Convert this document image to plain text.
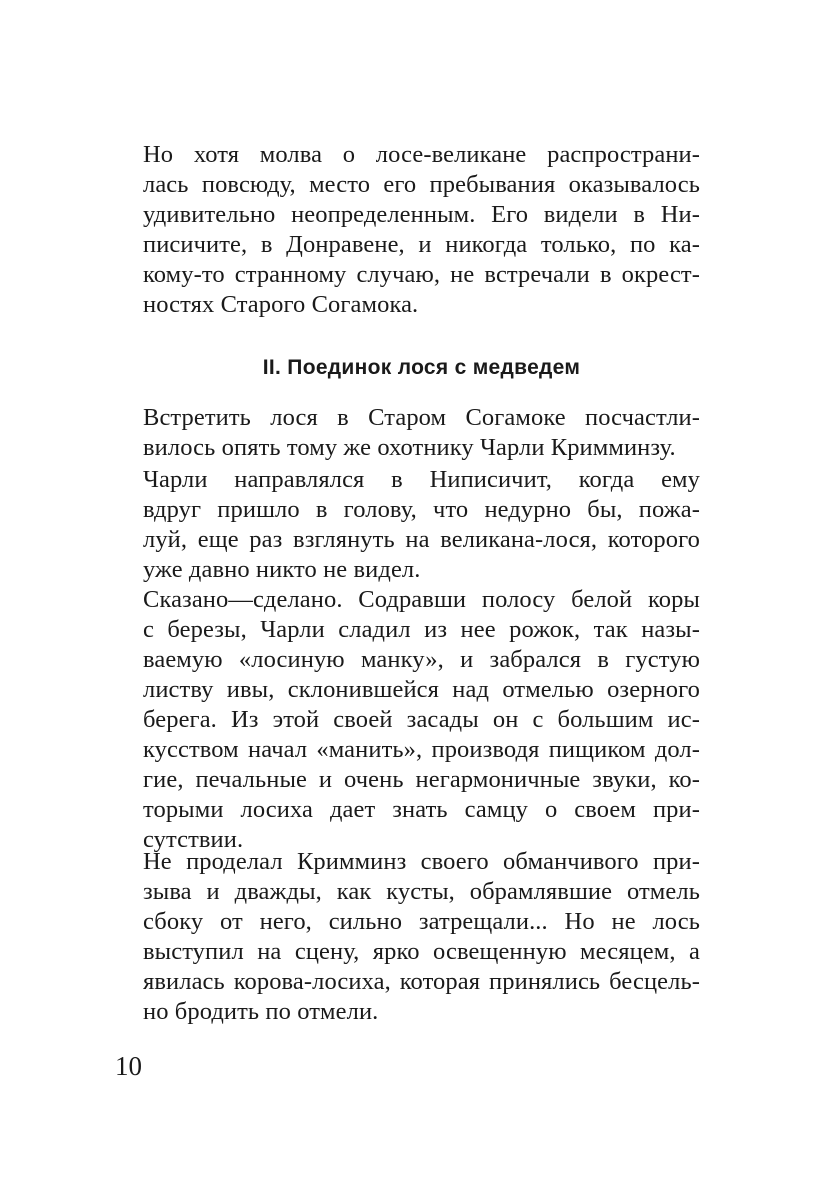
Но хотя молва о лосе-великане распространи-
лась повсюду, место его пребывания оказывалось
удивительно неопределенным. Его видели в Ни-
писичите, в Донравене, и никогда только, по ка-
кому-то странному случаю, не встречали в окрест-
ностях Старого Согамока.
II. Поединок лося с медведем
Встретить лося в Старом Согамоке посчастли-
вилось опять тому же охотнику Чарли Кримминзу.
Чарли направлялся в Ниписичит, когда ему
вдруг пришло в голову, что недурно бы, пожа-
луй, еще раз взглянуть на великана-лося, которого
уже давно никто не видел.
Сказано—сделано. Содравши полосу белой коры
с березы, Чарли сладил из нее рожок, так назы-
ваемую «лосиную манку», и забрался в густую
листву ивы, склонившейся над отмелью озерного
берега. Из этой своей засады он с большим ис-
кусством начал «манить», производя пищиком дол-
гие, печальные и очень негармоничные звуки, ко-
торыми лосиха дает знать самцу о своем при-
сутствии.
Не проделал Кримминз своего обманчивого при-
зыва и дважды, как кусты, обрамлявшие отмель
сбоку от него, сильно затрещали... Но не лось
выступил на сцену, ярко освещенную месяцем, а
явилась корова-лосиха, которая принялись бесцель-
но бродить по отмели.
10
